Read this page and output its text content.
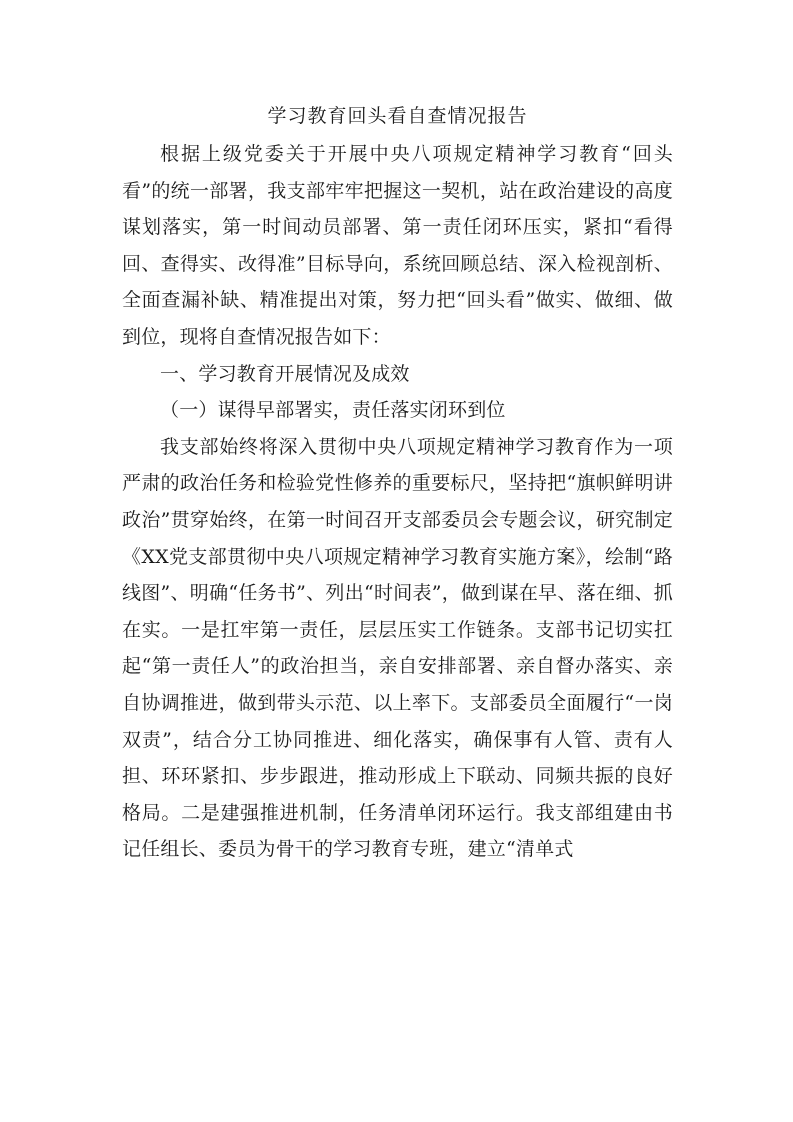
学习教育回头看自查情况报告

根据上级党委关于开展中央八项规定精神学习教育“回头看”的统一部署，我支部牢牢把握这一契机，站在政治建设的高度谋划落实，第一时间动员部署、第一责任闭环压实，紧扣“看得回、查得实、改得准”目标导向，系统回顾总结、深入检视剖析、全面查漏补缺、精准提出对策，努力把“回头看”做实、做细、做到位，现将自查情况报告如下：

一、学习教育开展情况及成效

（一）谋得早部署实，责任落实闭环到位

我支部始终将深入贯彻中央八项规定精神学习教育作为一项严肃的政治任务和检验党性修养的重要标尺，坚持把“旗帜鲜明讲政治”贯穿始终，在第一时间召开支部委员会专题会议，研究制定《XX党支部贯彻中央八项规定精神学习教育实施方案》，绘制“路线图”、明确“任务书”、列出“时间表”，做到谋在早、落在细、抓在实。一是扛牢第一责任，层层压实工作链条。支部书记切实扛起“第一责任人”的政治担当，亲自安排部署、亲自督办落实、亲自协调推进，做到带头示范、以上率下。支部委员全面履行“一岗双责”，结合分工协同推进、细化落实，确保事有人管、责有人担、环环紧扣、步步跟进，推动形成上下联动、同频共振的良好格局。二是建强推进机制，任务清单闭环运行。我支部组建由书记任组长、委员为骨干的学习教育专班，建立“清单式
